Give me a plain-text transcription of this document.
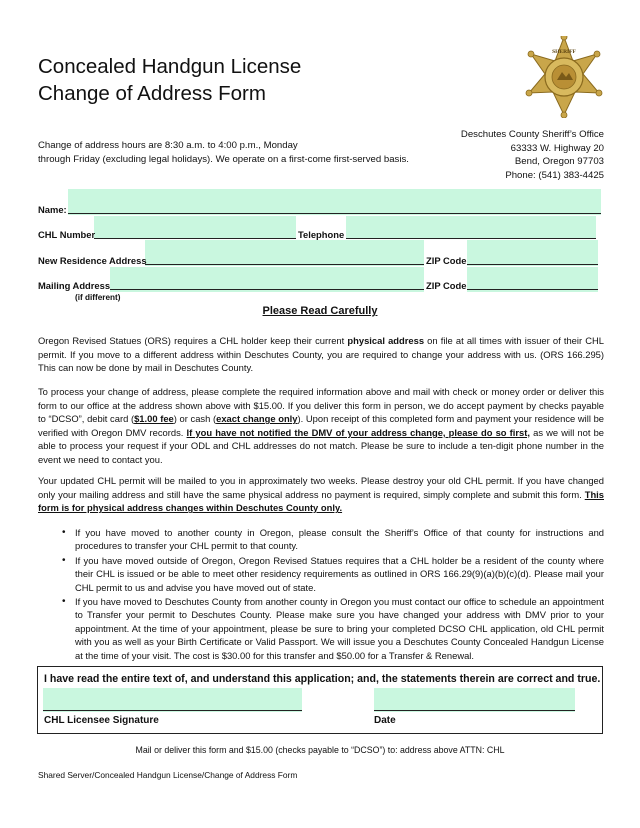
Concealed Handgun License
Change of Address Form
SHERIFF
Change of address hours are 8:30 a.m. to 4:00 p.m., Monday
through Friday (excluding legal holidays). We operate on a first-come first-served basis.
Deschutes County Sheriff’s Office
63333 W. Highway 20
Bend, Oregon 97703
Phone: (541) 383-4425
Name:
CHL Number	Telephone
New Residence Address	ZIP Code
Mailing Address	ZIP Code
(if different)
Please Read Carefully
Oregon Revised Statues (ORS) requires a CHL holder keep their current physical address on file at all times with issuer of their CHL permit. If you move to a different address within Deschutes County, you are required to change your address with us. (ORS 166.295) This can now be done by mail in Deschutes County.
To process your change of address, please complete the required information above and mail with check or money order or deliver this form to our office at the address shown above with $15.00. If you deliver this form in person, we do accept payment by checks payable to “DCSO”, debit card ($1.00 fee) or cash (exact change only). Upon receipt of this completed form and payment your residence will be verified with Oregon DMV records. If you have not notified the DMV of your address change, please do so first, as we will not be able to process your request if your ODL and CHL addresses do not match. Please be sure to include a ten-digit phone number in the event we need to contact you.
Your updated CHL permit will be mailed to you in approximately two weeks. Please destroy your old CHL permit. If you have changed only your mailing address and still have the same physical address no payment is required, simply complete and submit this form. This form is for physical address changes within Deschutes County only.
• If you have moved to another county in Oregon, please consult the Sheriff’s Office of that county for instructions and procedures to transfer your CHL permit to that county.
• If you have moved outside of Oregon, Oregon Revised Statues requires that a CHL holder be a resident of the county where their CHL is issued or be able to meet other residency requirements as outlined in ORS 166.29(9)(a)(b)(c)(d). Please mail your CHL permit to us and advise you have moved out of state.
• If you have moved to Deschutes County from another county in Oregon you must contact our office to schedule an appointment to Transfer your permit to Deschutes County. Please make sure you have changed your address with DMV prior to your appointment. At the time of your appointment, please be sure to bring your completed DCSO CHL application, old CHL permit with you as well as your Birth Certificate or Valid Passport. We will issue you a Deschutes County Concealed Handgun License at the time of your visit. The cost is $30.00 for this transfer and $50.00 for a Transfer & Renewal.
I have read the entire text of, and understand this application; and, the statements therein are correct and true.
CHL Licensee Signature	Date
Mail or deliver this form and $15.00 (checks payable to “DCSO”) to: address above ATTN: CHL
Shared Server/Concealed Handgun License/Change of Address Form
